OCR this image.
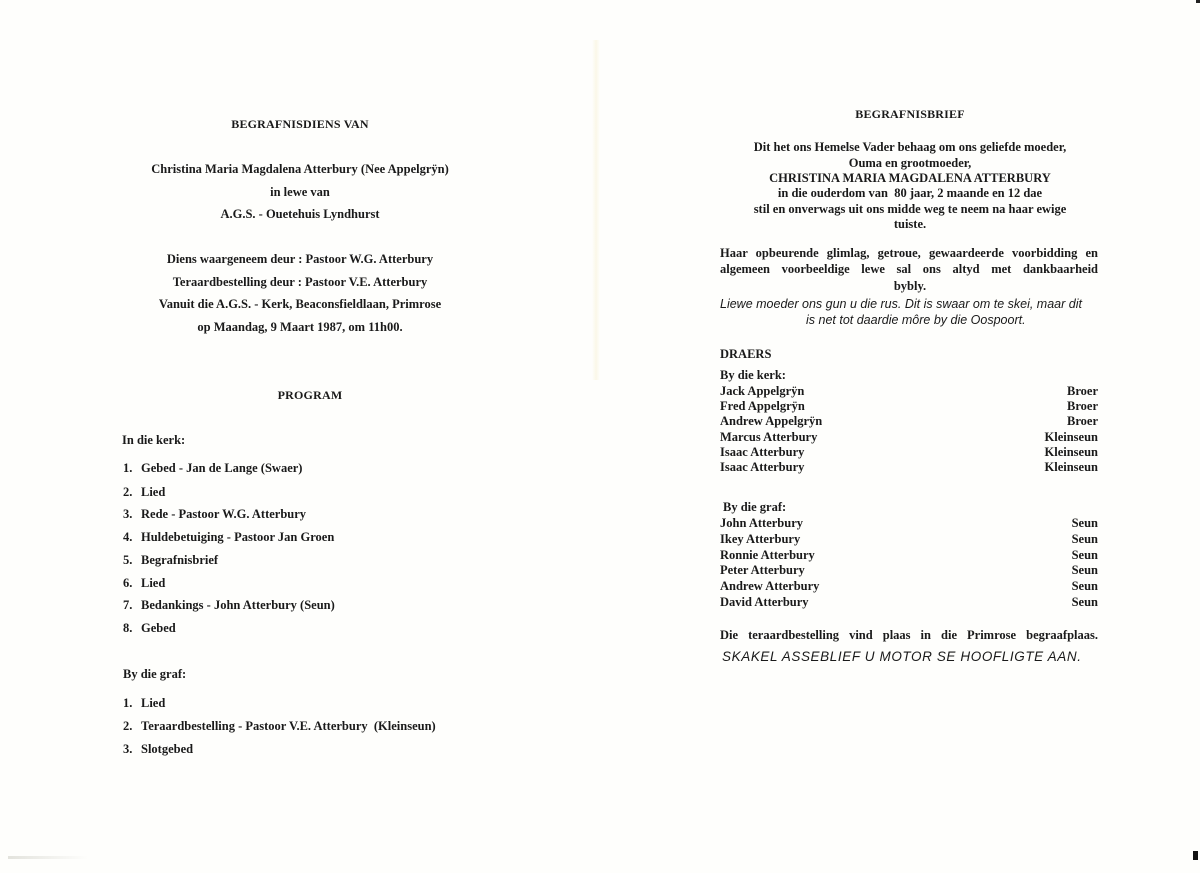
BEGRAFNISDIENS VAN
Christina Maria Magdalena Atterbury (Nee Appelgrÿn)
in lewe van
A.G.S. - Ouetehuis Lyndhurst
Diens waargeneem deur : Pastoor W.G. Atterbury
Teraardbestelling deur : Pastoor V.E. Atterbury
Vanuit die A.G.S. - Kerk, Beaconsfieldlaan, Primrose
op Maandag, 9 Maart 1987, om 11h00.
PROGRAM
In die kerk:
1. Gebed - Jan de Lange (Swaer)
2. Lied
3. Rede - Pastoor W.G. Atterbury
4. Huldebetuiging - Pastoor Jan Groen
5. Begrafnisbrief
6. Lied
7. Bedankings - John Atterbury (Seun)
8. Gebed
By die graf:
1. Lied
2. Teraardbestelling - Pastoor V.E. Atterbury  (Kleinseun)
3. Slotgebed
BEGRAFNISBRIEF
Dit het ons Hemelse Vader behaag om ons geliefde moeder,
Ouma en grootmoeder,
CHRISTINA MARIA MAGDALENA ATTERBURY
in die ouderdom van  80 jaar, 2 maande en 12 dae
stil en onverwags uit ons midde weg te neem na haar ewige
tuiste.
Haar opbeurende glimlag, getroue, gewaardeerde voorbidding en
algemeen voorbeeldige lewe sal ons altyd met dankbaarheid
bybly.
Liewe moeder ons gun u die rus. Dit is swaar om te skei, maar dit
is net tot daardie môre by die Oospoort.
DRAERS
By die kerk:
Jack Appelgrÿn	Broer
Fred Appelgrÿn	Broer
Andrew Appelgrÿn	Broer
Marcus Atterbury	Kleinseun
Isaac Atterbury	Kleinseun
Isaac Atterbury	Kleinseun
By die graf:
John Atterbury	Seun
Ikey Atterbury	Seun
Ronnie Atterbury	Seun
Peter Atterbury	Seun
Andrew Atterbury	Seun
David Atterbury	Seun
Die teraardbestelling vind plaas in die Primrose begraafplaas.
SKAKEL ASSEBLIEF U MOTOR SE HOOFLIGTE AAN.
